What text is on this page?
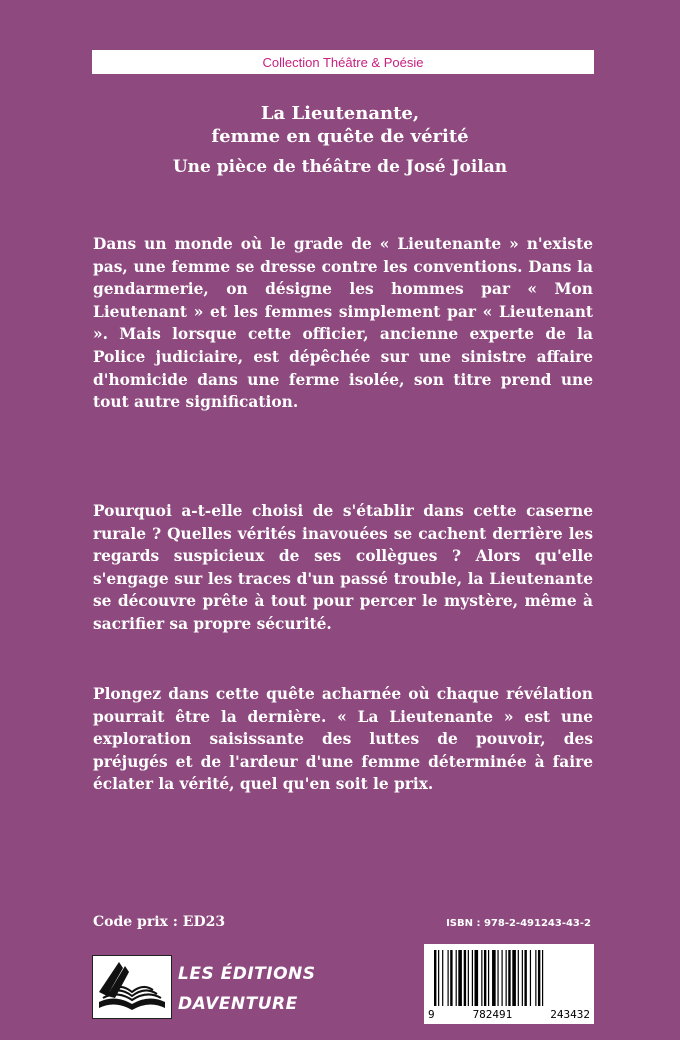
Collection Théâtre & Poésie
La Lieutenante,
femme en quête de vérité
Une pièce de théâtre de José Joilan

Dans un monde où le grade de « Lieutenante » n'existe pas, une femme se dresse contre les conventions. Dans la gendarmerie, on désigne les hommes par « Mon Lieutenant » et les femmes simplement par « Lieutenant ». Mais lorsque cette officier, ancienne experte de la Police judiciaire, est dépêchée sur une sinistre affaire d'homicide dans une ferme isolée, son titre prend une tout autre signification.

Pourquoi a-t-elle choisi de s'établir dans cette caserne rurale ? Quelles vérités inavouées se cachent derrière les regards suspicieux de ses collègues ? Alors qu'elle s'engage sur les traces d'un passé trouble, la Lieutenante se découvre prête à tout pour percer le mystère, même à sacrifier sa propre sécurité.

Plongez dans cette quête acharnée où chaque révélation pourrait être la dernière. « La Lieutenante » est une exploration saisissante des luttes de pouvoir, des préjugés et de l'ardeur d'une femme déterminée à faire éclater la vérité, quel qu'en soit le prix.

Code prix : ED23	ISBN : 978-2-491243-43-2
LES ÉDITIONS
DAVENTURE
9	782491	243432
